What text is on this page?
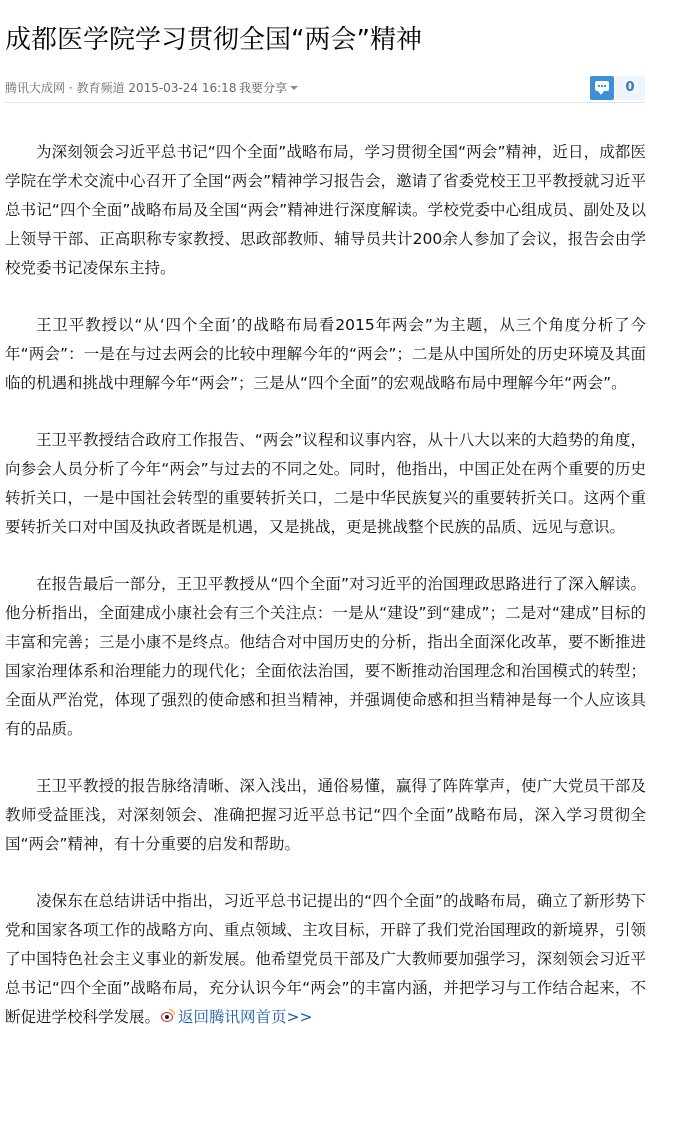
成都医学院学习贯彻全国“两会”精神
腾讯大成网 · 教育频道 2015-03-24 16:18 我要分享	0

为深刻领会习近平总书记“四个全面”战略布局，学习贯彻全国“两会”精神，近日，成都医学院在学术交流中心召开了全国“两会”精神学习报告会，邀请了省委党校王卫平教授就习近平总书记“四个全面”战略布局及全国“两会”精神进行深度解读。学校党委中心组成员、副处及以上领导干部、正高职称专家教授、思政部教师、辅导员共计200余人参加了会议，报告会由学校党委书记凌保东主持。

王卫平教授以“从‘四个全面’的战略布局看2015年两会”为主题，从三个角度分析了今年“两会”：一是在与过去两会的比较中理解今年的“两会”；二是从中国所处的历史环境及其面临的机遇和挑战中理解今年“两会”；三是从“四个全面”的宏观战略布局中理解今年“两会”。

王卫平教授结合政府工作报告、“两会”议程和议事内容，从十八大以来的大趋势的角度，向参会人员分析了今年“两会”与过去的不同之处。同时，他指出，中国正处在两个重要的历史转折关口，一是中国社会转型的重要转折关口，二是中华民族复兴的重要转折关口。这两个重要转折关口对中国及执政者既是机遇，又是挑战，更是挑战整个民族的品质、远见与意识。

在报告最后一部分，王卫平教授从“四个全面”对习近平的治国理政思路进行了深入解读。他分析指出，全面建成小康社会有三个关注点：一是从“建设”到“建成”；二是对“建成”目标的丰富和完善；三是小康不是终点。他结合对中国历史的分析，指出全面深化改革，要不断推进国家治理体系和治理能力的现代化；全面依法治国，要不断推动治国理念和治国模式的转型；全面从严治党，体现了强烈的使命感和担当精神，并强调使命感和担当精神是每一个人应该具有的品质。

王卫平教授的报告脉络清晰、深入浅出，通俗易懂，赢得了阵阵掌声，使广大党员干部及教师受益匪浅，对深刻领会、准确把握习近平总书记“四个全面”战略布局，深入学习贯彻全国“两会”精神，有十分重要的启发和帮助。

凌保东在总结讲话中指出，习近平总书记提出的“四个全面”的战略布局，确立了新形势下党和国家各项工作的战略方向、重点领域、主攻目标，开辟了我们党治国理政的新境界，引领了中国特色社会主义事业的新发展。他希望党员干部及广大教师要加强学习，深刻领会习近平总书记“四个全面”战略布局，充分认识今年“两会”的丰富内涵，并把学习与工作结合起来，不断促进学校科学发展。 返回腾讯网首页>>
